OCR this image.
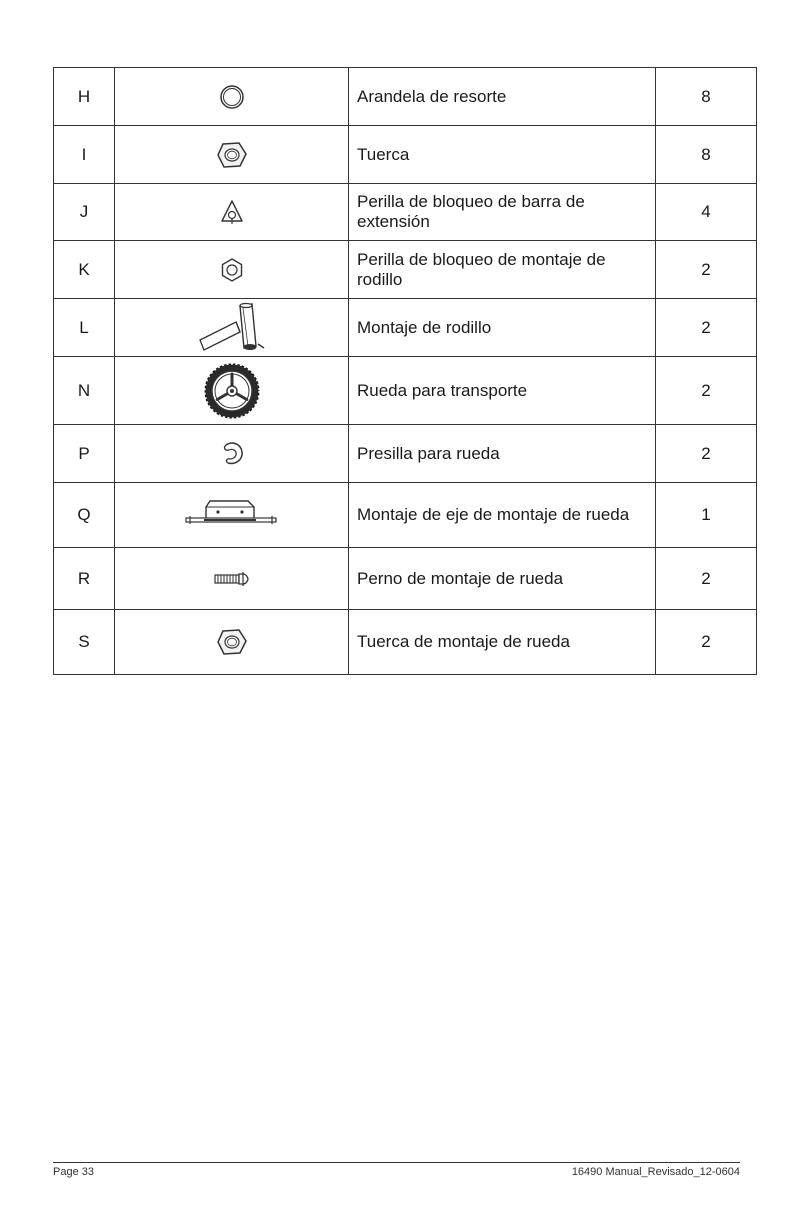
H		Arandela de resorte	8
I		Tuerca	8
J		Perilla de bloqueo de barra de extensión	4
K		Perilla de bloqueo de montaje de rodillo	2
L		Montaje de rodillo	2
N		Rueda para transporte	2
P		Presilla para rueda	2
Q		Montaje de eje de montaje de rueda	1
R		Perno de montaje de rueda	2
S		Tuerca de montaje de rueda	2
Page 33	16490 Manual_Revisado_12-0604
